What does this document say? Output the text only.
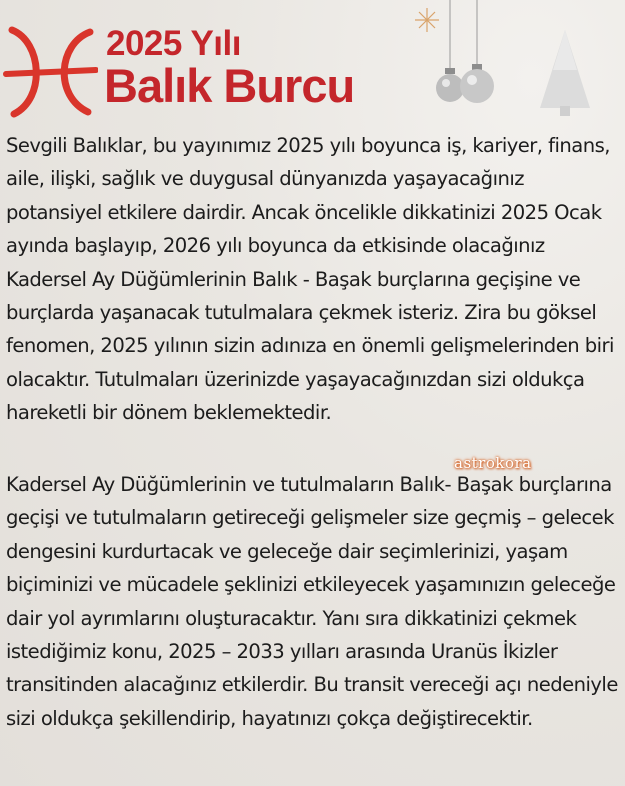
2025 Yılı
Balık Burcu

Sevgili Balıklar, bu yayınımız 2025 yılı boyunca iş, kariyer, finans, aile, ilişki, sağlık ve duygusal dünyanızda yaşayacağınız potansiyel etkilere dairdir. Ancak öncelikle dikkatinizi 2025 Ocak ayında başlayıp, 2026 yılı boyunca da etkisinde olacağınız Kadersel Ay Düğümlerinin Balık - Başak burçlarına geçişine ve burçlarda yaşanacak tutulmalara çekmek isteriz. Zira bu göksel fenomen, 2025 yılının sizin adınıza en önemli gelişmelerinden biri olacaktır. Tutulmaları üzerinizde yaşayacağınızdan sizi oldukça hareketli bir dönem beklemektedir.

astrokora

Kadersel Ay Düğümlerinin ve tutulmaların Balık- Başak burçlarına geçişi ve tutulmaların getireceği gelişmeler size geçmiş – gelecek dengesini kurdurtacak ve geleceğe dair seçimlerinizi, yaşam biçiminizi ve mücadele şeklinizi etkileyecek yaşamınızın geleceğe dair yol ayrımlarını oluşturacaktır. Yanı sıra dikkatinizi çekmek istediğimiz konu, 2025 – 2033 yılları arasında Uranüs İkizler transitinden alacağınız etkilerdir. Bu transit vereceği açı nedeniyle sizi oldukça şekillendirip, hayatınızı çokça değiştirecektir.
